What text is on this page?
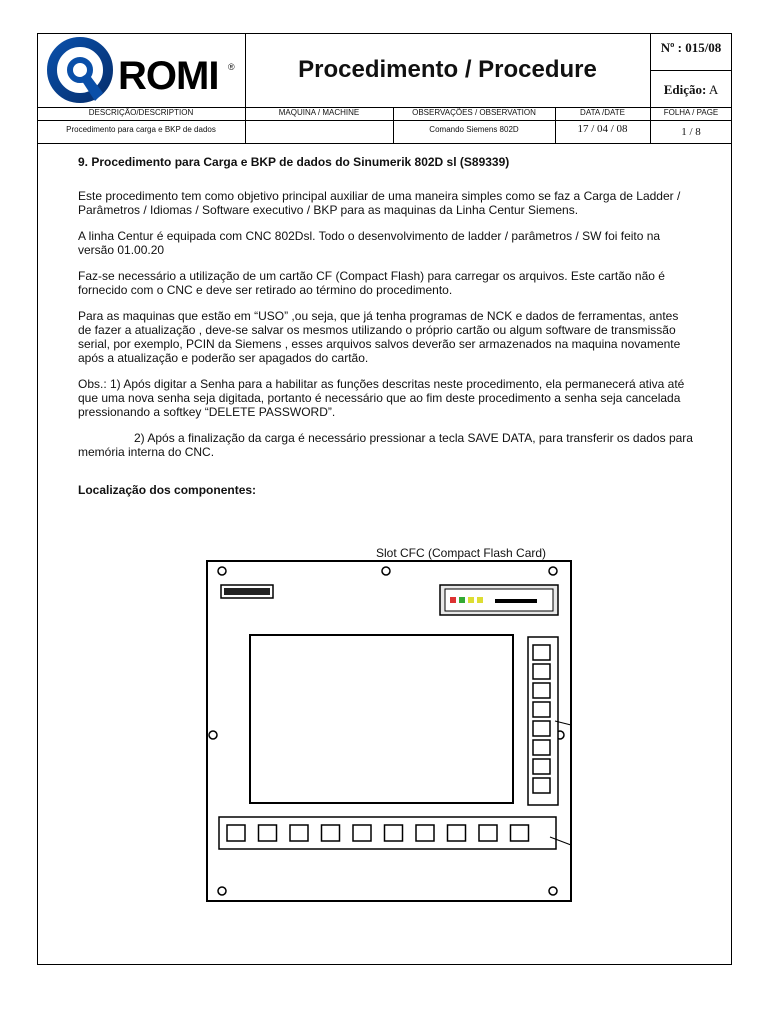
ROMI ®	Procedimento / Procedure
Nº : 015/08
Edição: A
DESCRIÇÃO/DESCRIPTION
Procedimento para carga e BKP de dados
MAQUINA / MACHINE	OBSERVAÇÕES / OBSERVATION
Comando Siemens 802D
DATA /DATE
17 / 04 / 08
FOLHA / PAGE
1 / 8

9. Procedimento para Carga e BKP de dados do Sinumerik 802D sl (S89339)

Este procedimento tem como objetivo principal auxiliar de uma maneira simples como se faz a Carga de Ladder / Parâmetros / Idiomas / Software executivo / BKP para as maquinas da Linha Centur Siemens.

A linha Centur é equipada com CNC 802Dsl. Todo o desenvolvimento de ladder / parâmetros / SW foi feito na versão 01.00.20

Faz-se necessário a utilização de um cartão CF (Compact Flash) para carregar os arquivos. Este cartão não é fornecido com o CNC e deve ser retirado ao término do procedimento.

Para as maquinas que estão em “USO” ,ou seja, que já tenha programas de NCK e dados de ferramentas, antes de fazer a atualização , deve-se salvar os mesmos utilizando o próprio cartão ou algum software de transmissão serial, por exemplo, PCIN da Siemens , esses arquivos salvos deverão ser armazenados na maquina novamente após a atualização e poderão ser apagados do cartão.

Obs.: 1) Após digitar a Senha para a habilitar as funções descritas neste procedimento, ela permanecerá ativa até que uma nova senha seja digitada, portanto é necessário que ao fim deste procedimento a senha seja cancelada pressionando a softkey “DELETE PASSWORD”.

2) Após a finalização da carga é necessário pressionar a tecla SAVE DATA, para transferir os dados para memória interna do CNC.

Localização dos componentes:

Slot CFC (Compact Flash Card)
